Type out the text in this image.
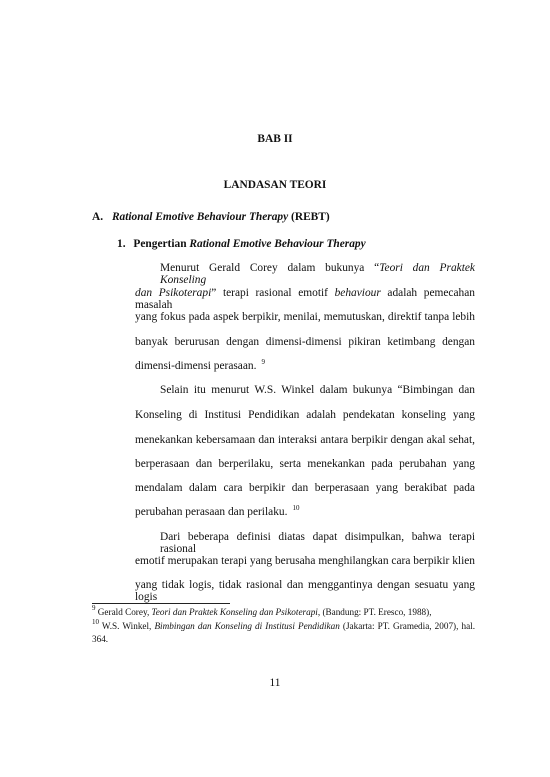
BAB II
LANDASAN TEORI
A. Rational Emotive Behaviour Therapy (REBT)
1. Pengertian Rational Emotive Behaviour Therapy
Menurut Gerald Corey dalam bukunya “Teori dan Praktek Konseling
dan Psikoterapi” terapi rasional emotif behaviour adalah pemecahan masalah
yang fokus pada aspek berpikir, menilai, memutuskan, direktif tanpa lebih
banyak berurusan dengan dimensi-dimensi pikiran ketimbang dengan
dimensi-dimensi perasaan. $^9$
Selain itu menurut W.S. Winkel dalam bukunya “Bimbingan dan
Konseling di Institusi Pendidikan adalah pendekatan konseling yang
menekankan kebersamaan dan interaksi antara berpikir dengan akal sehat,
berperasaan dan berperilaku, serta menekankan pada perubahan yang
mendalam dalam cara berpikir dan berperasaan yang berakibat pada
perubahan perasaan dan perilaku. $^{10}$
Dari beberapa definisi diatas dapat disimpulkan, bahwa terapi rasional
emotif merupakan terapi yang berusaha menghilangkan cara berpikir klien
yang tidak logis, tidak rasional dan menggantinya dengan sesuatu yang logis
$^9$ Gerald Corey, Teori dan Praktek Konseling dan Psikoterapi, (Bandung: PT. Eresco, 1988),
$^{10}$ W.S. Winkel, Bimbingan dan Konseling di Institusi Pendidikan (Jakarta: PT. Gramedia, 2007), hal.
364.
11
